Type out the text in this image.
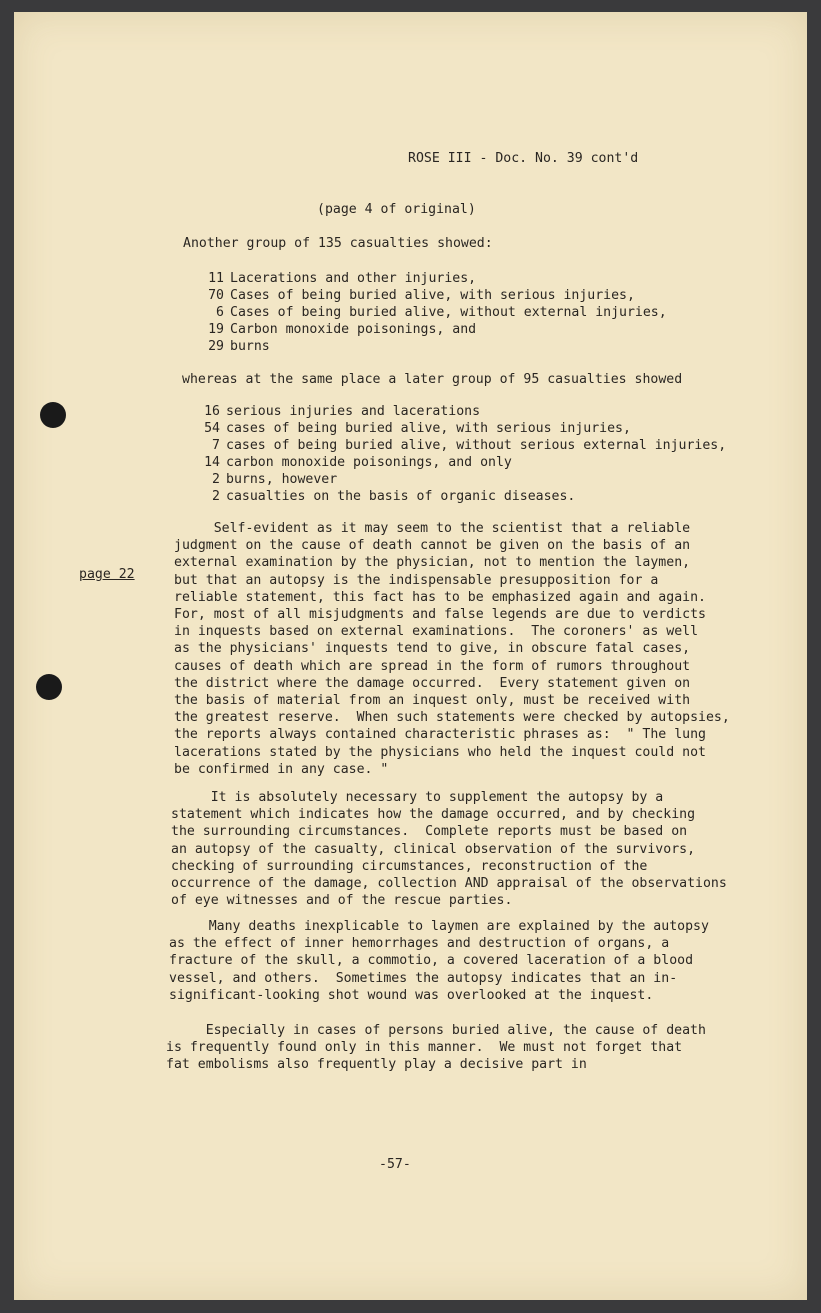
ROSE III - Doc. No. 39 cont'd
(page 4 of original)
Another group of 135 casualties showed:
11 Lacerations and other injuries,
70 Cases of being buried alive, with serious injuries,
6 Cases of being buried alive, without external injuries,
19 Carbon monoxide poisonings, and
29 burns
whereas at the same place a later group of 95 casualties showed
16 serious injuries and lacerations
54 cases of being buried alive, with serious injuries,
7 cases of being buried alive, without serious external injuries,
14 carbon monoxide poisonings, and only
2 burns, however
2 casualties on the basis of organic diseases.
page 22
Self-evident as it may seem to the scientist that a reliable
judgment on the cause of death cannot be given on the basis of an
external examination by the physician, not to mention the laymen,
but that an autopsy is the indispensable presupposition for a
reliable statement, this fact has to be emphasized again and again.
For, most of all misjudgments and false legends are due to verdicts
in inquests based on external examinations.  The coroners' as well
as the physicians' inquests tend to give, in obscure fatal cases,
causes of death which are spread in the form of rumors throughout
the district where the damage occurred.  Every statement given on
the basis of material from an inquest only, must be received with
the greatest reserve.  When such statements were checked by autopsies,
the reports always contained characteristic phrases as:  " The lung
lacerations stated by the physicians who held the inquest could not
be confirmed in any case. "
It is absolutely necessary to supplement the autopsy by a
statement which indicates how the damage occurred, and by checking
the surrounding circumstances.  Complete reports must be based on
an autopsy of the casualty, clinical observation of the survivors,
checking of surrounding circumstances, reconstruction of the
occurrence of the damage, collection AND appraisal of the observations
of eye witnesses and of the rescue parties.
Many deaths inexplicable to laymen are explained by the autopsy
as the effect of inner hemorrhages and destruction of organs, a
fracture of the skull, a commotio, a covered laceration of a blood
vessel, and others.  Sometimes the autopsy indicates that an in-
significant-looking shot wound was overlooked at the inquest.
Especially in cases of persons buried alive, the cause of death
is frequently found only in this manner.  We must not forget that
fat embolisms also frequently play a decisive part in
-57-
